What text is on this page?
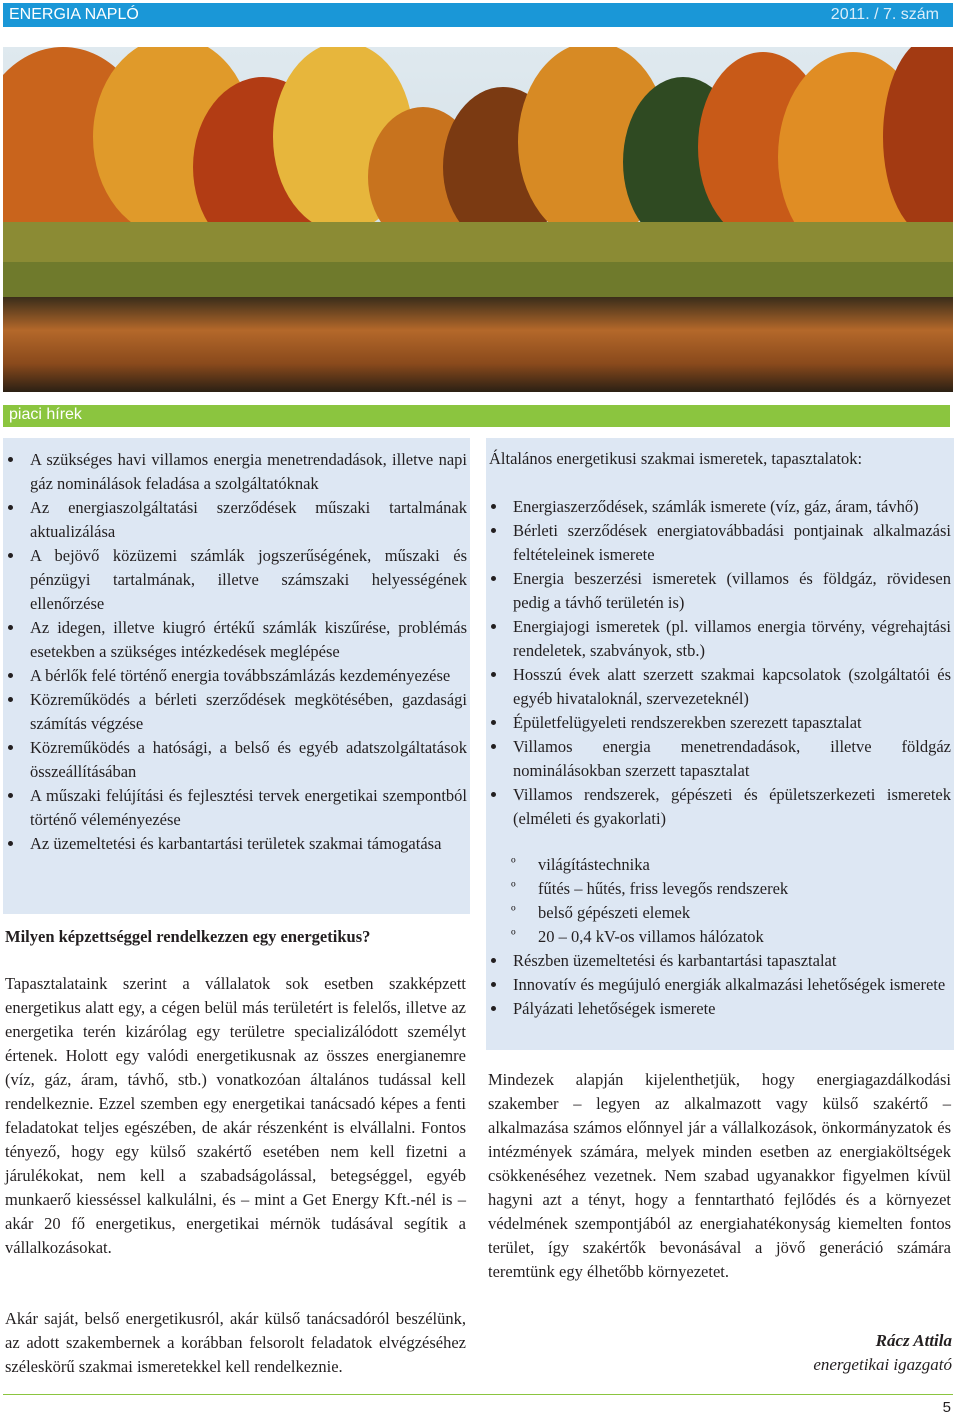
ENERGIA NAPLÓ	2011. / 7. szám
piaci hírek
A szükséges havi villamos energia menetrendadások, illetve napi gáz nominálások feladása a szolgáltatóknak
Az energiaszolgáltatási szerződések műszaki tartalmának aktualizálása
A bejövő közüzemi számlák jogszerűségének, műszaki és pénzügyi tartalmának, illetve számszaki helyességének ellenőrzése
Az idegen, illetve kiugró értékű számlák kiszűrése, problémás esetekben a szükséges intézkedések meglépése
A bérlők felé történő energia továbbszámlázás kezdeményezése
Közreműködés a bérleti szerződések megkötésében, gazdasági számítás végzése
Közreműködés a hatósági, a belső és egyéb adatszolgáltatások összeállításában
A műszaki felújítási és fejlesztési tervek energetikai szempontból történő véleményezése
Az üzemeltetési és karbantartási területek szakmai támogatása

Milyen képzettséggel rendelkezzen egy energetikus?

Tapasztalataink szerint a vállalatok sok esetben szakképzett energetikus alatt egy, a cégen belül más területért is felelős, illetve az energetika terén kizárólag egy területre specializálódott személyt értenek. Holott egy valódi energetikusnak az összes energianemre (víz, gáz, áram, távhő, stb.) vonatkozóan általános tudással kell rendelkeznie. Ezzel szemben egy energetikai tanácsadó képes a fenti feladatokat teljes egészében, de akár részenként is elvállalni. Fontos tényező, hogy egy külső szakértő esetében nem kell fizetni a járulékokat, nem kell a szabadságolással, betegséggel, egyéb munkaerő kiesséssel kalkulálni, és – mint a Get Energy Kft.-nél is – akár 20 fő energetikus, energetikai mérnök tudásával segítik a vállalkozásokat.

Akár saját, belső energetikusról, akár külső tanácsadóról beszélünk, az adott szakembernek a korábban felsorolt feladatok elvégzéséhez széleskörű szakmai ismeretekkel kell rendelkeznie.

Általános energetikusi szakmai ismeretek, tapasztalatok:
Energiaszerződések, számlák ismerete (víz, gáz, áram, távhő)
Bérleti szerződések energiatovábbadási pontjainak alkalmazási feltételeinek ismerete
Energia beszerzési ismeretek (villamos és földgáz, rövidesen pedig a távhő területén is)
Energiajogi ismeretek (pl. villamos energia törvény, végrehajtási rendeletek, szabványok, stb.)
Hosszú évek alatt szerzett szakmai kapcsolatok (szolgáltatói és egyéb hivataloknál, szervezeteknél)
Épületfelügyeleti rendszerekben szerezett tapasztalat
Villamos energia menetrendadások, illetve földgáz nominálásokban szerzett tapasztalat
Villamos rendszerek, gépészeti és épületszerkezeti ismeretek (elméleti és gyakorlati)
º világítástechnika
º fűtés – hűtés, friss levegős rendszerek
º belső gépészeti elemek
º 20 – 0,4 kV-os villamos hálózatok
Részben üzemeltetési és karbantartási tapasztalat
Innovatív és megújuló energiák alkalmazási lehetőségek ismerete
Pályázati lehetőségek ismerete

Mindezek alapján kijelenthetjük, hogy energiagazdálkodási szakember – legyen az alkalmazott vagy külső szakértő – alkalmazása számos előnnyel jár a vállalkozások, önkormányzatok és intézmények számára, melyek minden esetben az energiaköltségek csökkenéséhez vezetnek. Nem szabad ugyanakkor figyelmen kívül hagyni azt a tényt, hogy a fenntartható fejlődés és a környezet védelmének szempontjából az energiahatékonyság kiemelten fontos terület, így szakértők bevonásával a jövő generáció számára teremtünk egy élhetőbb környezetet.

Rácz Attila
energetikai igazgató
5
